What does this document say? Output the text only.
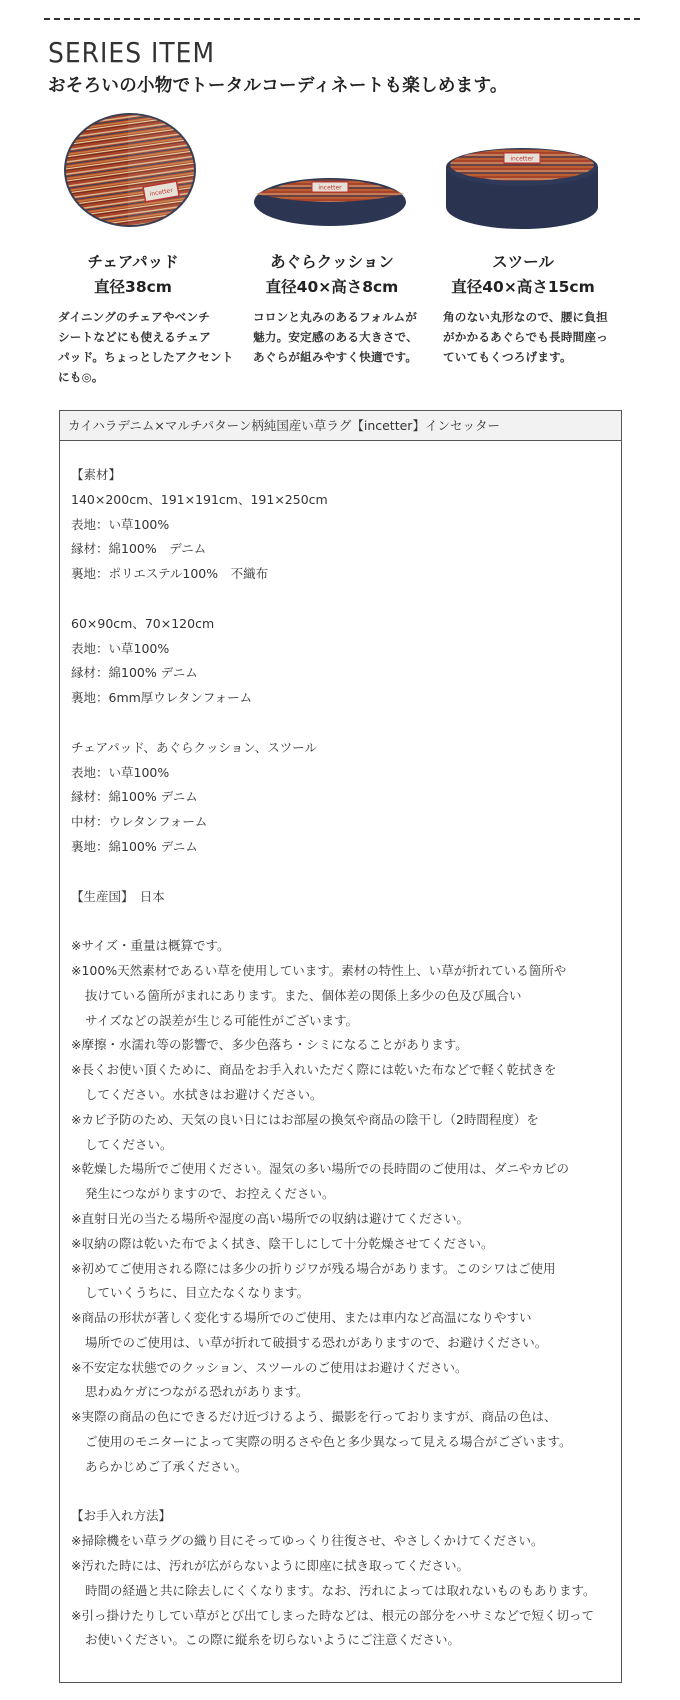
SERIES ITEM
おそろいの小物でトータルコーディネートも楽しめます。
incetter	incetter
incetter
チェアパッド
直径38cm
あぐらクッション
直径40×高さ8cm
スツール
直径40×高さ15cm
ダイニングのチェアやベンチ
シートなどにも使えるチェア
パッド。ちょっとしたアクセント
にも◎。
コロンと丸みのあるフォルムが
魅力。安定感のある大きさで、
あぐらが組みやすく快適です。
角のない丸形なので、腰に負担
がかかるあぐらでも長時間座っ
ていてもくつろげます。
カイハラデニム×マルチパターン柄純国産い草ラグ【incetter】インセッター
【素材】
140×200cm、191×191cm、191×250cm
表地：い草100%
縁材：綿100%　デニム
裏地：ポリエステル100%　不織布
60×90cm、70×120cm
表地：い草100%
縁材：綿100% デニム
裏地：6mm厚ウレタンフォーム
チェアパッド、あぐらクッション、スツール
表地：い草100%
縁材：綿100% デニム
中材：ウレタンフォーム
裏地：綿100% デニム
【生産国】　日本
※サイズ・重量は概算です。
※100%天然素材であるい草を使用しています。素材の特性上、い草が折れている箇所や
抜けている箇所がまれにあります。また、個体差の関係上多少の色及び風合い
サイズなどの誤差が生じる可能性がございます。
※摩擦・水濡れ等の影響で、多少色落ち・シミになることがあります。
※長くお使い頂くために、商品をお手入れいただく際には乾いた布などで軽く乾拭きを
してください。水拭きはお避けください。
※カビ予防のため、天気の良い日にはお部屋の換気や商品の陰干し（2時間程度）を
してください。
※乾燥した場所でご使用ください。湿気の多い場所での長時間のご使用は、ダニやカビの
発生につながりますので、お控えください。
※直射日光の当たる場所や湿度の高い場所での収納は避けてください。
※収納の際は乾いた布でよく拭き、陰干しにして十分乾燥させてください。
※初めてご使用される際には多少の折りジワが残る場合があります。このシワはご使用
していくうちに、目立たなくなります。
※商品の形状が著しく変化する場所でのご使用、または車内など高温になりやすい
場所でのご使用は、い草が折れて破損する恐れがありますので、お避けください。
※不安定な状態でのクッション、スツールのご使用はお避けください。
思わぬケガにつながる恐れがあります。
※実際の商品の色にできるだけ近づけるよう、撮影を行っておりますが、商品の色は、
ご使用のモニターによって実際の明るさや色と多少異なって見える場合がございます。
あらかじめご了承ください。
【お手入れ方法】
※掃除機をい草ラグの織り目にそってゆっくり往復させ、やさしくかけてください。
※汚れた時には、汚れが広がらないように即座に拭き取ってください。
時間の経過と共に除去しにくくなります。なお、汚れによっては取れないものもあります。
※引っ掛けたりしてい草がとび出てしまった時などは、根元の部分をハサミなどで短く切って
お使いください。この際に縦糸を切らないようにご注意ください。
